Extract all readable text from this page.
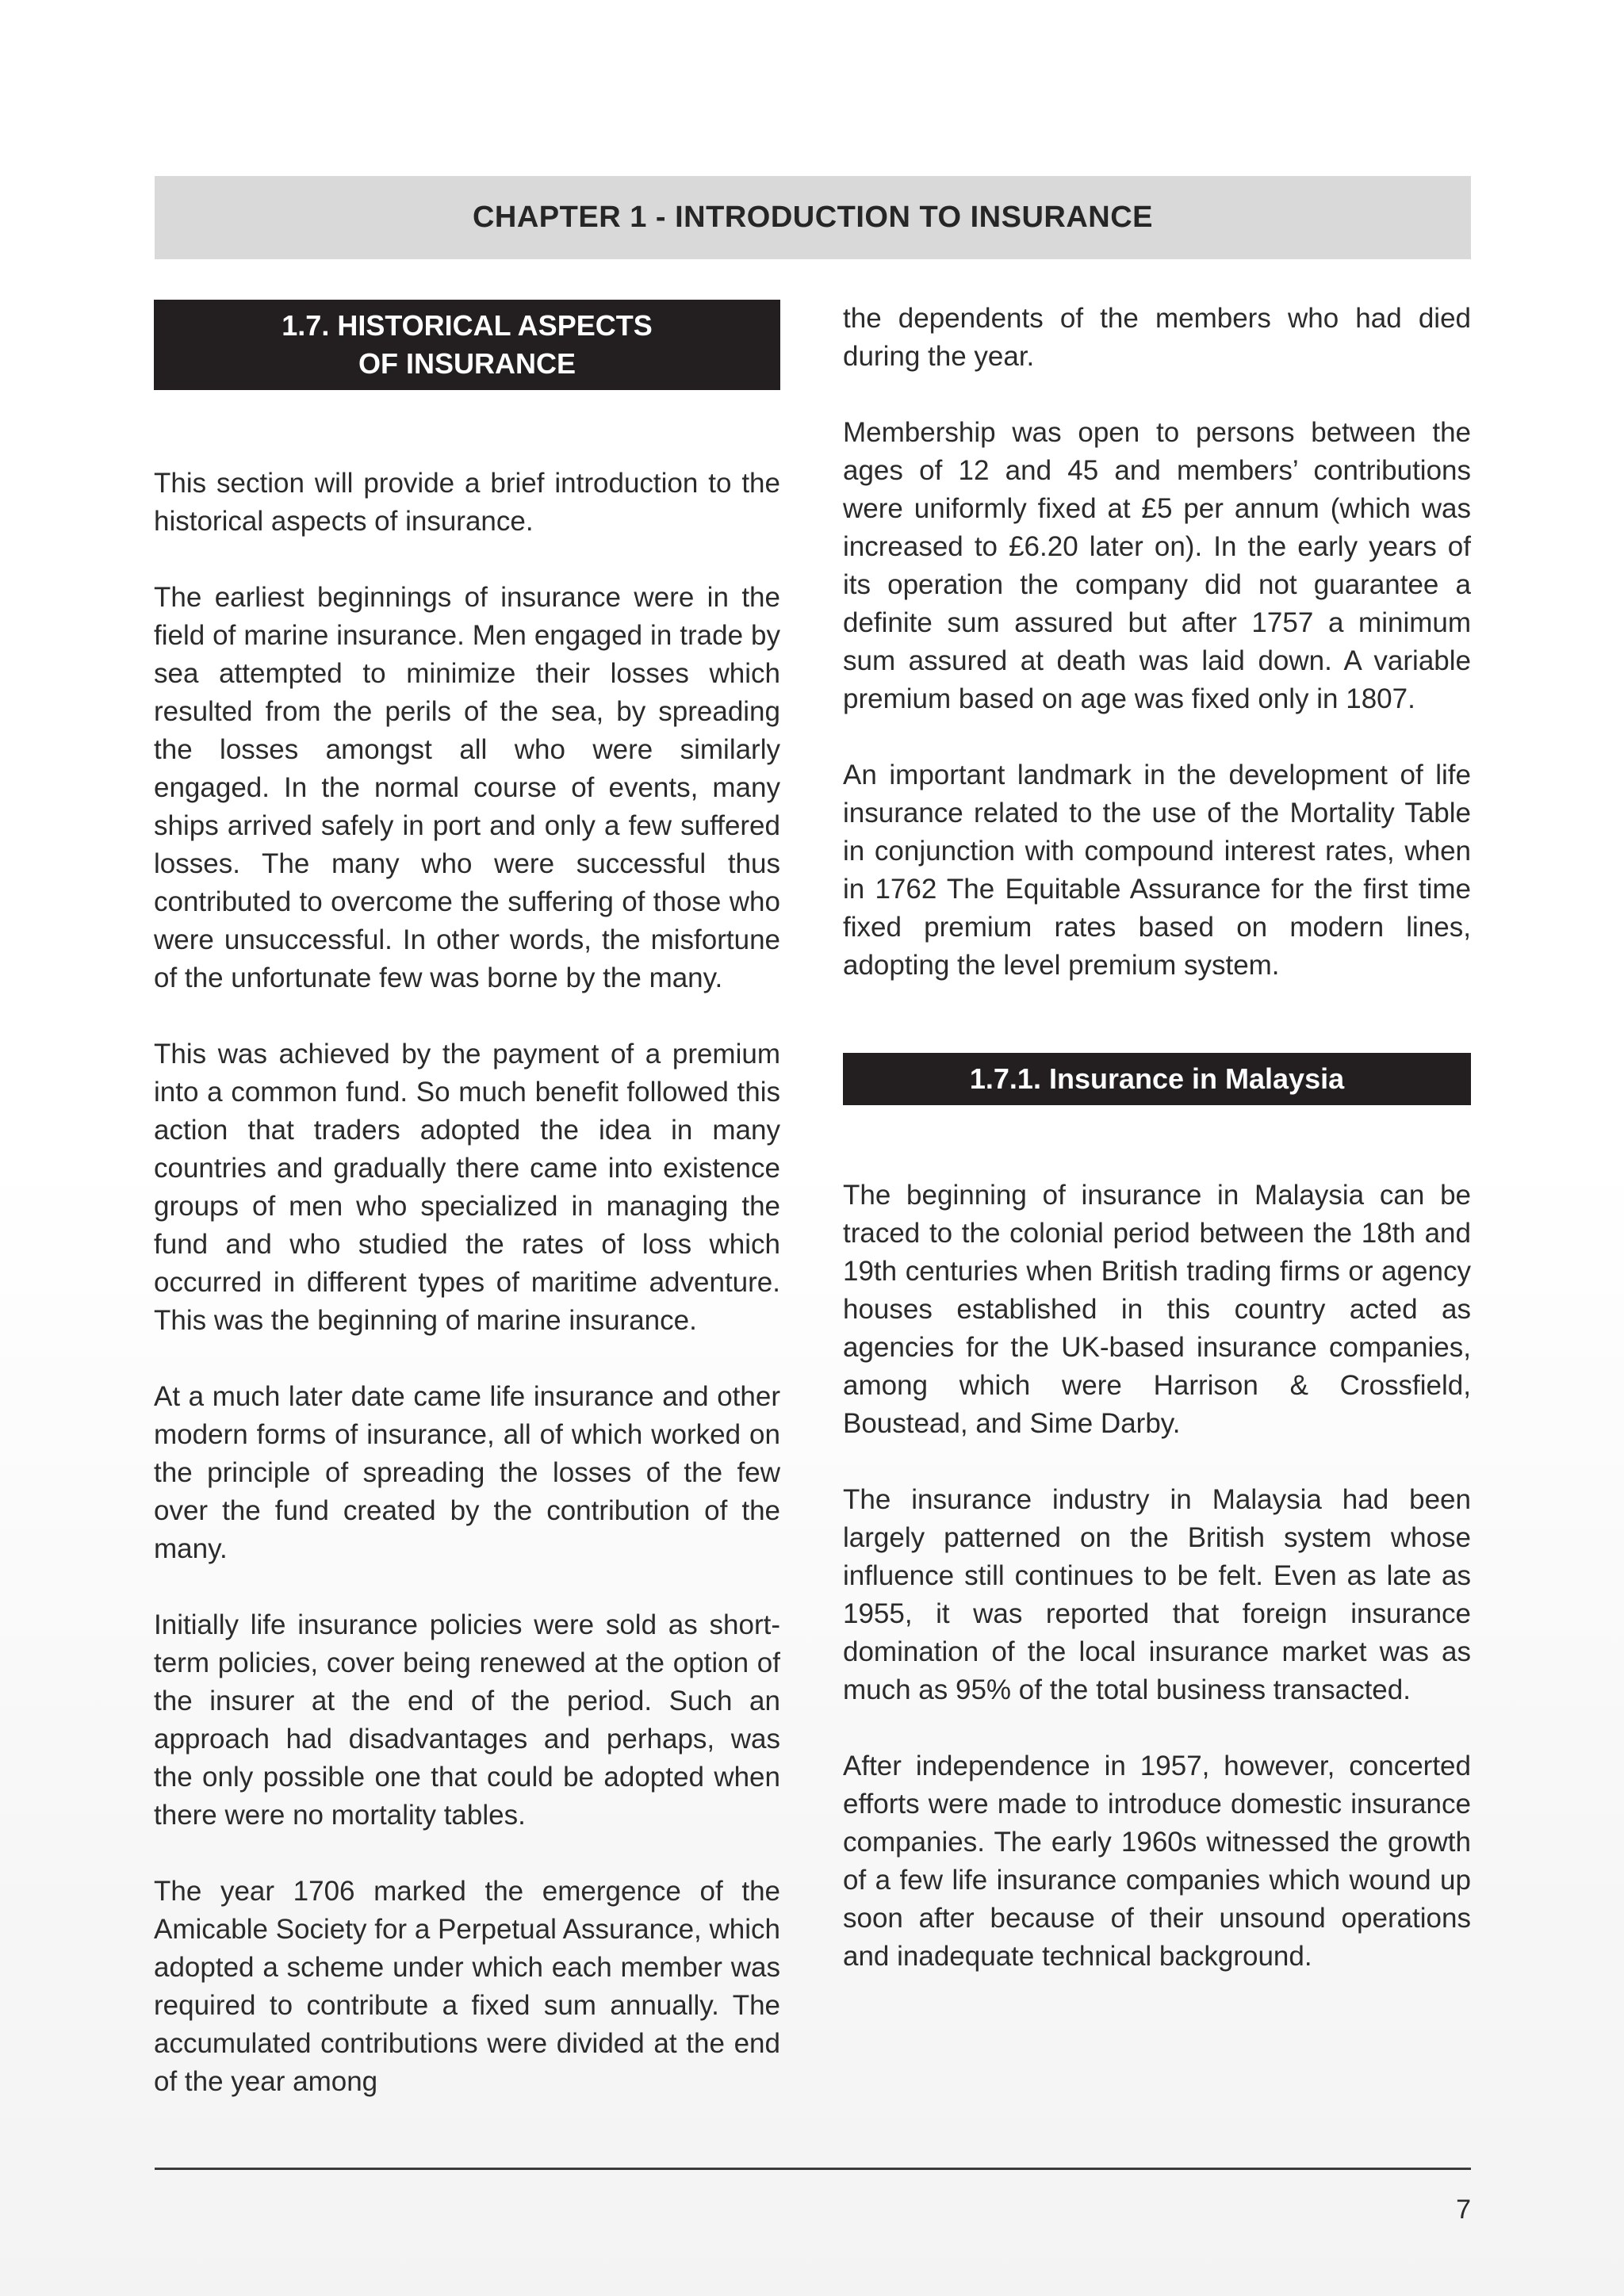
CHAPTER 1 - INTRODUCTION TO INSURANCE
1.7. HISTORICAL ASPECTS
OF INSURANCE

This section will provide a brief introduction to the historical aspects of insurance.

The earliest beginnings of insurance were in the field of marine insurance. Men engaged in trade by sea attempted to minimize their losses which resulted from the perils of the sea, by spreading the losses amongst all who were similarly engaged. In the normal course of events, many ships arrived safely in port and only a few suffered losses. The many who were successful thus contributed to overcome the suffering of those who were unsuccessful. In other words, the misfortune of the unfortunate few was borne by the many.

This was achieved by the payment of a premium into a common fund. So much benefit followed this action that traders adopted the idea in many countries and gradually there came into existence groups of men who specialized in managing the fund and who studied the rates of loss which occurred in different types of maritime adventure. This was the beginning of marine insurance.

At a much later date came life insurance and other modern forms of insurance, all of which worked on the principle of spreading the losses of the few over the fund created by the contribution of the many.

Initially life insurance policies were sold as short-term policies, cover being renewed at the option of the insurer at the end of the period. Such an approach had disadvantages and perhaps, was the only possible one that could be adopted when there were no mortality tables.

The year 1706 marked the emergence of the Amicable Society for a Perpetual Assurance, which adopted a scheme under which each member was required to contribute a fixed sum annually. The accumulated contributions were divided at the end of the year among

the dependents of the members who had died during the year.

Membership was open to persons between the ages of 12 and 45 and members’ contributions were uniformly fixed at £5 per annum (which was increased to £6.20 later on). In the early years of its operation the company did not guarantee a definite sum assured but after 1757 a minimum sum assured at death was laid down. A variable premium based on age was fixed only in 1807.

An important landmark in the development of life insurance related to the use of the Mortality Table in conjunction with compound interest rates, when in 1762 The Equitable Assurance for the first time fixed premium rates based on modern lines, adopting the level premium system.

1.7.1. Insurance in Malaysia

The beginning of insurance in Malaysia can be traced to the colonial period between the 18th and 19th centuries when British trading firms or agency houses established in this country acted as agencies for the UK-based insurance companies, among which were Harrison & Crossfield, Boustead, and Sime Darby.

The insurance industry in Malaysia had been largely patterned on the British system whose influence still continues to be felt. Even as late as 1955, it was reported that foreign insurance domination of the local insurance market was as much as 95% of the total business transacted.

After independence in 1957, however, concerted efforts were made to introduce domestic insurance companies. The early 1960s witnessed the growth of a few life insurance companies which wound up soon after because of their unsound operations and inadequate technical background.

7
